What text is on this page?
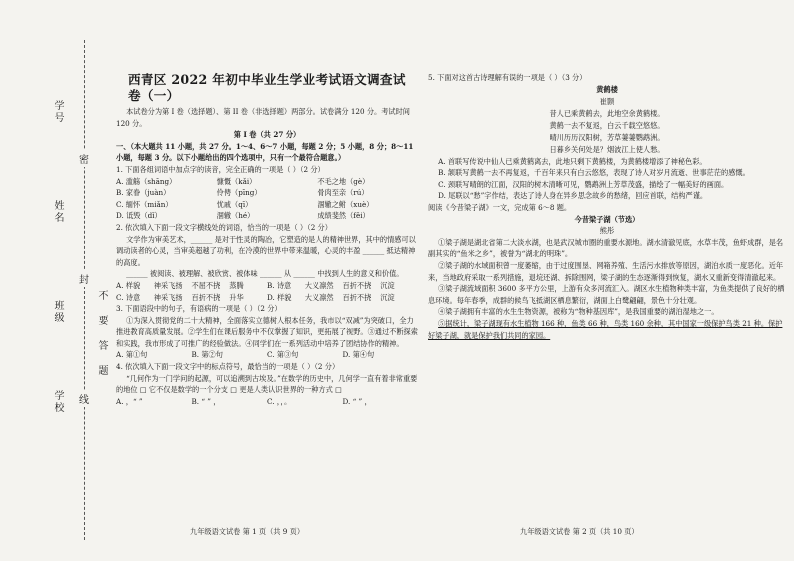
学校
班级
姓名
学号
密
封
线
不
要
答
题
西青区 2022 年初中毕业生学业考试语文调查试卷（一）

本试卷分为第 I 卷（选择题）、第 II 卷（非选择题）两部分。试卷满分 120 分。考试时间 120 分。

第 I 卷（共 27 分）

一、（本大题共 11 小题，共 27 分。1～4、6～7 小题，每题 2 分；5 小题，8 分；8～11 小题，每题 3 分。以下小题给出的四个选项中，只有一个最符合题意。）

1. 下面各组词语中加点字的读音，完全正确的一项是（ ）（2 分）

A. 滥觞（shāng）	慷慨（kǎi）	不毛之地（ɡè）
B. 家眷（juàn）	伶俜（pīng）	骨肉至亲（rú）
C. 缅怀（miǎn）	忧戚（qī）	涸辙之鲋（xuè）
D. 诋毁（dǐ）	涸辙（hé）	成绩斐然（fěi）

2. 依次填入下面一段文字横线处的词语，恰当的一项是（ ）（2 分）

文学作为审美艺术，______ 是对于性灵的陶冶，它塑造的是人的精神世界，其中的情感可以调动读者的心灵，当审美超越了功利，在冷漠的世界中带来温暖，心灵的丰盈 ______ 抵达精神的高度。

______ 被阅读、被理解、被欣赏、被体味 ______ 从 ______ 中找到人生的意义和价值。

A. 样貌	神采飞扬	不屈不挠	蒸腾	B. 诗意	大义凛然	百折不挠	沉淀
C. 诗意	神采飞扬	百折不挠	升华	D. 样貌	大义凛然	百折不挠	沉淀

3. 下面语段中的句子，有语病的一项是（ ）（2 分）

①为深入贯彻党的二十大精神，全面落实立德树人根本任务，我市以“双减”为突破口，全力推进教育高质量发展。②学生们在课后服务中不仅掌握了知识，更拓展了视野。③通过不断探索和实践，我市形成了可推广的经验做法。④同学们在一系列活动中培养了团结协作的精神。

A. 第①句	B. 第②句	C. 第③句	D. 第④句

4. 依次填入下面一段文字中的标点符号，最恰当的一项是（ ）（2 分）

“几何作为一门学问的起源，可以追溯到古埃及。”在数学的历史中，几何学一直有着非常重要的地位 □ 它不仅是数学的一个分支 □ 更是人类认识世界的一种方式 □

A. ，“ ”	B. “ ” ，	C. ，，。	D. “ ” ，

5. 下面对这首古诗理解有误的一项是（ ）（3 分）

黄鹤楼
崔颢
昔人已乘黄鹤去，此地空余黄鹤楼。
黄鹤一去不复返，白云千载空悠悠。
晴川历历汉阳树，芳草萋萋鹦鹉洲。
日暮乡关何处是？烟波江上使人愁。

A. 首联写传说中仙人已乘黄鹤离去，此地只剩下黄鹤楼，为黄鹤楼增添了神秘色彩。

B. 颔联写黄鹤一去不再复返，千百年来只有白云悠悠，表现了诗人对岁月流逝、世事茫茫的感慨。

C. 颈联写晴朗的江面，汉阳的树木清晰可见，鹦鹉洲上芳草茂盛，描绘了一幅美好的画面。

D. 尾联以“愁”字作结，表达了诗人身在异乡思念故乡的愁绪，回应首联，结构严谨。

阅读《今昔梁子湖》一文，完成第 6～8 题。

今昔梁子湖（节选）

熊彤

①梁子湖是湖北省第二大淡水湖，也是武汉城市圈的重要水源地。湖水清澈见底，水草丰茂，鱼虾成群，是名副其实的“鱼米之乡”，被誉为“湖北的明珠”。

②梁子湖的水域面积曾一度萎缩，由于过度围垦、网箱养殖、生活污水排放等原因，湖泊水质一度恶化。近年来，当地政府采取一系列措施，退垸还湖、拆除围网，梁子湖的生态逐渐得到恢复，湖水又重新变得清澈起来。

③梁子湖流域面积 3600 多平方公里，上游有众多河流汇入。湖区水生植物种类丰富，为鱼类提供了良好的栖息环境。每年春季，成群的候鸟飞抵湖区栖息繁衍，湖面上白鹭翩翩，景色十分壮观。

④梁子湖拥有丰富的水生生物资源，被称为“物种基因库”，是我国重要的湖泊湿地之一。

⑤据统计，梁子湖现有水生植物 166 种，鱼类 66 种，鸟类 160 余种，其中国家一级保护鸟类 21 种。保护好梁子湖，就是保护我们共同的家园。

九年级语文试卷 第 1 页（共 9 页）	九年级语文试卷 第 2 页（共 10 页）
